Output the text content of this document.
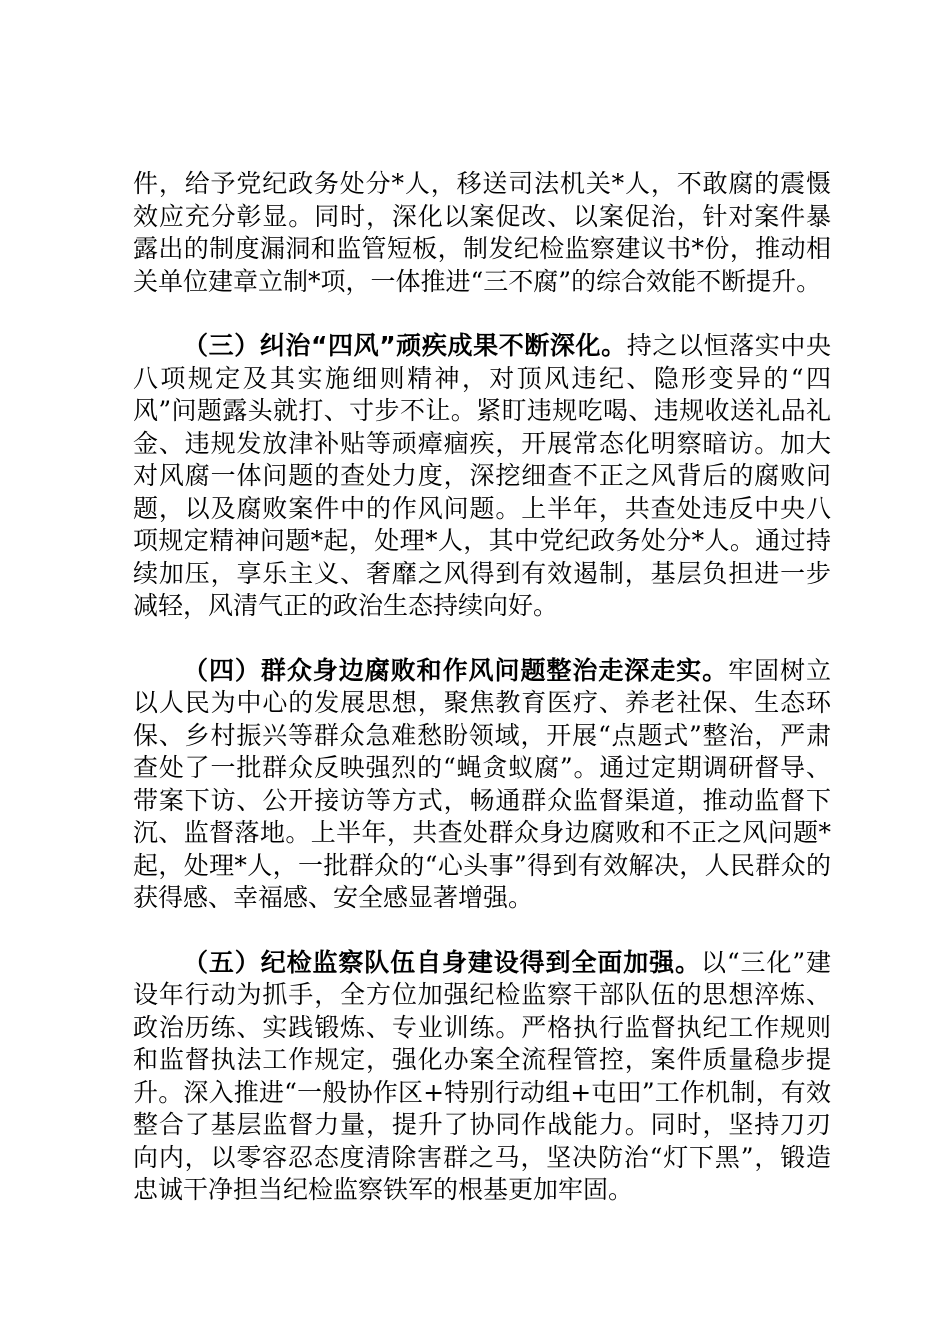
件，给予党纪政务处分*人，移送司法机关*人，不敢腐的震慑效应充分彰显。同时，深化以案促改、以案促治，针对案件暴露出的制度漏洞和监管短板，制发纪检监察建议书*份，推动相关单位建章立制*项，一体推进“三不腐”的综合效能不断提升。

（三）纠治“四风”顽疾成果不断深化。持之以恒落实中央八项规定及其实施细则精神，对顶风违纪、隐形变异的“四风”问题露头就打、寸步不让。紧盯违规吃喝、违规收送礼品礼金、违规发放津补贴等顽瘴痼疾，开展常态化明察暗访。加大对风腐一体问题的查处力度，深挖细查不正之风背后的腐败问题，以及腐败案件中的作风问题。上半年，共查处违反中央八项规定精神问题*起，处理*人，其中党纪政务处分*人。通过持续加压，享乐主义、奢靡之风得到有效遏制，基层负担进一步减轻，风清气正的政治生态持续向好。

（四）群众身边腐败和作风问题整治走深走实。牢固树立以人民为中心的发展思想，聚焦教育医疗、养老社保、生态环保、乡村振兴等群众急难愁盼领域，开展“点题式”整治，严肃查处了一批群众反映强烈的“蝇贪蚁腐”。通过定期调研督导、带案下访、公开接访等方式，畅通群众监督渠道，推动监督下沉、监督落地。上半年，共查处群众身边腐败和不正之风问题*起，处理*人，一批群众的“心头事”得到有效解决，人民群众的获得感、幸福感、安全感显著增强。

（五）纪检监察队伍自身建设得到全面加强。以“三化”建设年行动为抓手，全方位加强纪检监察干部队伍的思想淬炼、政治历练、实践锻炼、专业训练。严格执行监督执纪工作规则和监督执法工作规定，强化办案全流程管控，案件质量稳步提升。深入推进“一般协作区+特别行动组+屯田”工作机制，有效整合了基层监督力量，提升了协同作战能力。同时，坚持刀刃向内，以零容忍态度清除害群之马，坚决防治“灯下黑”，锻造忠诚干净担当纪检监察铁军的根基更加牢固。
